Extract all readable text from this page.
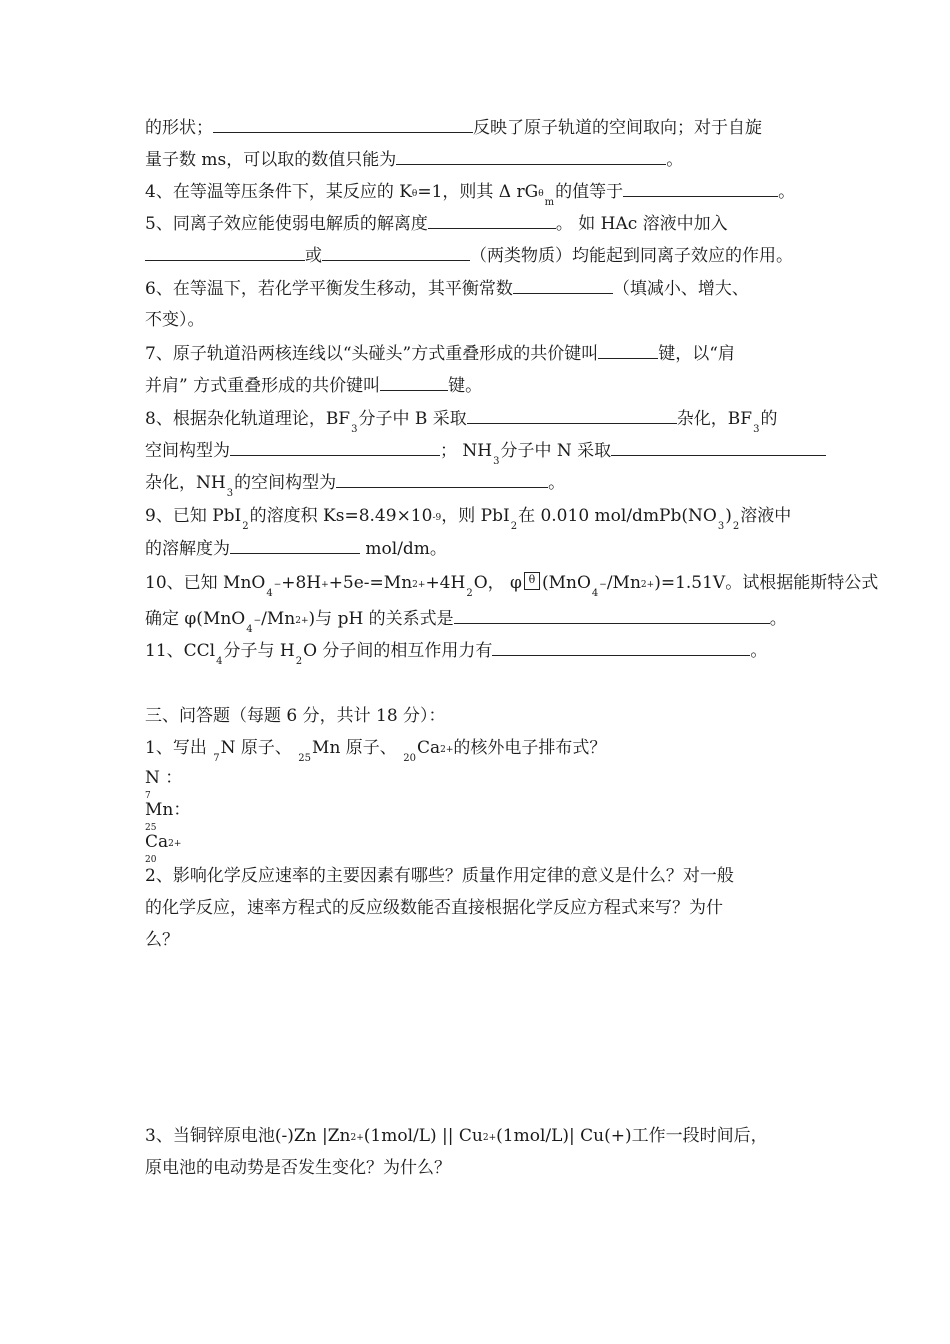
的形状；	反映了原子轨道的空间取向；对于自旋
量子数 ms，可以取的数值只能为	。
4、在等温等压条件下，某反应的 Kθ=1，则其 Δ rGθ$_m$的值等于	。
5、同离子效应能使弱电解质的解离度	。 如 HAc 溶液中加入
或	（两类物质）均能起到同离子效应的作用。
6、在等温下，若化学平衡发生移动，其平衡常数	（填减小、增大、
不变）。
7、原子轨道沿两核连线以“头碰头”方式重叠形成的共价键叫	键，以“肩
并肩” 方式重叠形成的共价键叫	键。
8、根据杂化轨道理论，$BF_3$分子中 B 采取	杂化，$BF_3$的
空间构型为	； $NH_3$分子中 N 采取
杂化，$NH_3$的空间构型为	。
9、已知 PbI$_2$的溶度积 Ks=8.49×10-9，则 PbI$_2$在 0.010 mol/$dmPb(NO_3)_2$溶液中
的溶解度为	mol/dm。
10、已知 $MnO_4-+8H++5e-=Mn2++4H_2O$， φ θ (MnO$_4$−/Mn2+)=1.51V。试根据能斯特公式
确定 φ(MnO$_4$−/Mn2+)与 pH 的关系式是	。
11、CCl$_4$分子与 $H_2O$ 分子间的相互作用力有	。
三、问答题（每题 6 分，共计 18 分）：
1、写出 $_7$N 原子、 $_{25}$Mn 原子、 $_{20}$Ca2+的核外电子排布式？
N ：
7
Mn：
25
Ca2+
20
2、影响化学反应速率的主要因素有哪些？质量作用定律的意义是什么？对一般
的化学反应，速率方程式的反应级数能否直接根据化学反应方程式来写？为什
么？
3、当铜锌原电池(-)Zn |Zn2+(1mol/L) || Cu2+(1mol/L)| Cu(+)工作一段时间后，
原电池的电动势是否发生变化？为什么？
